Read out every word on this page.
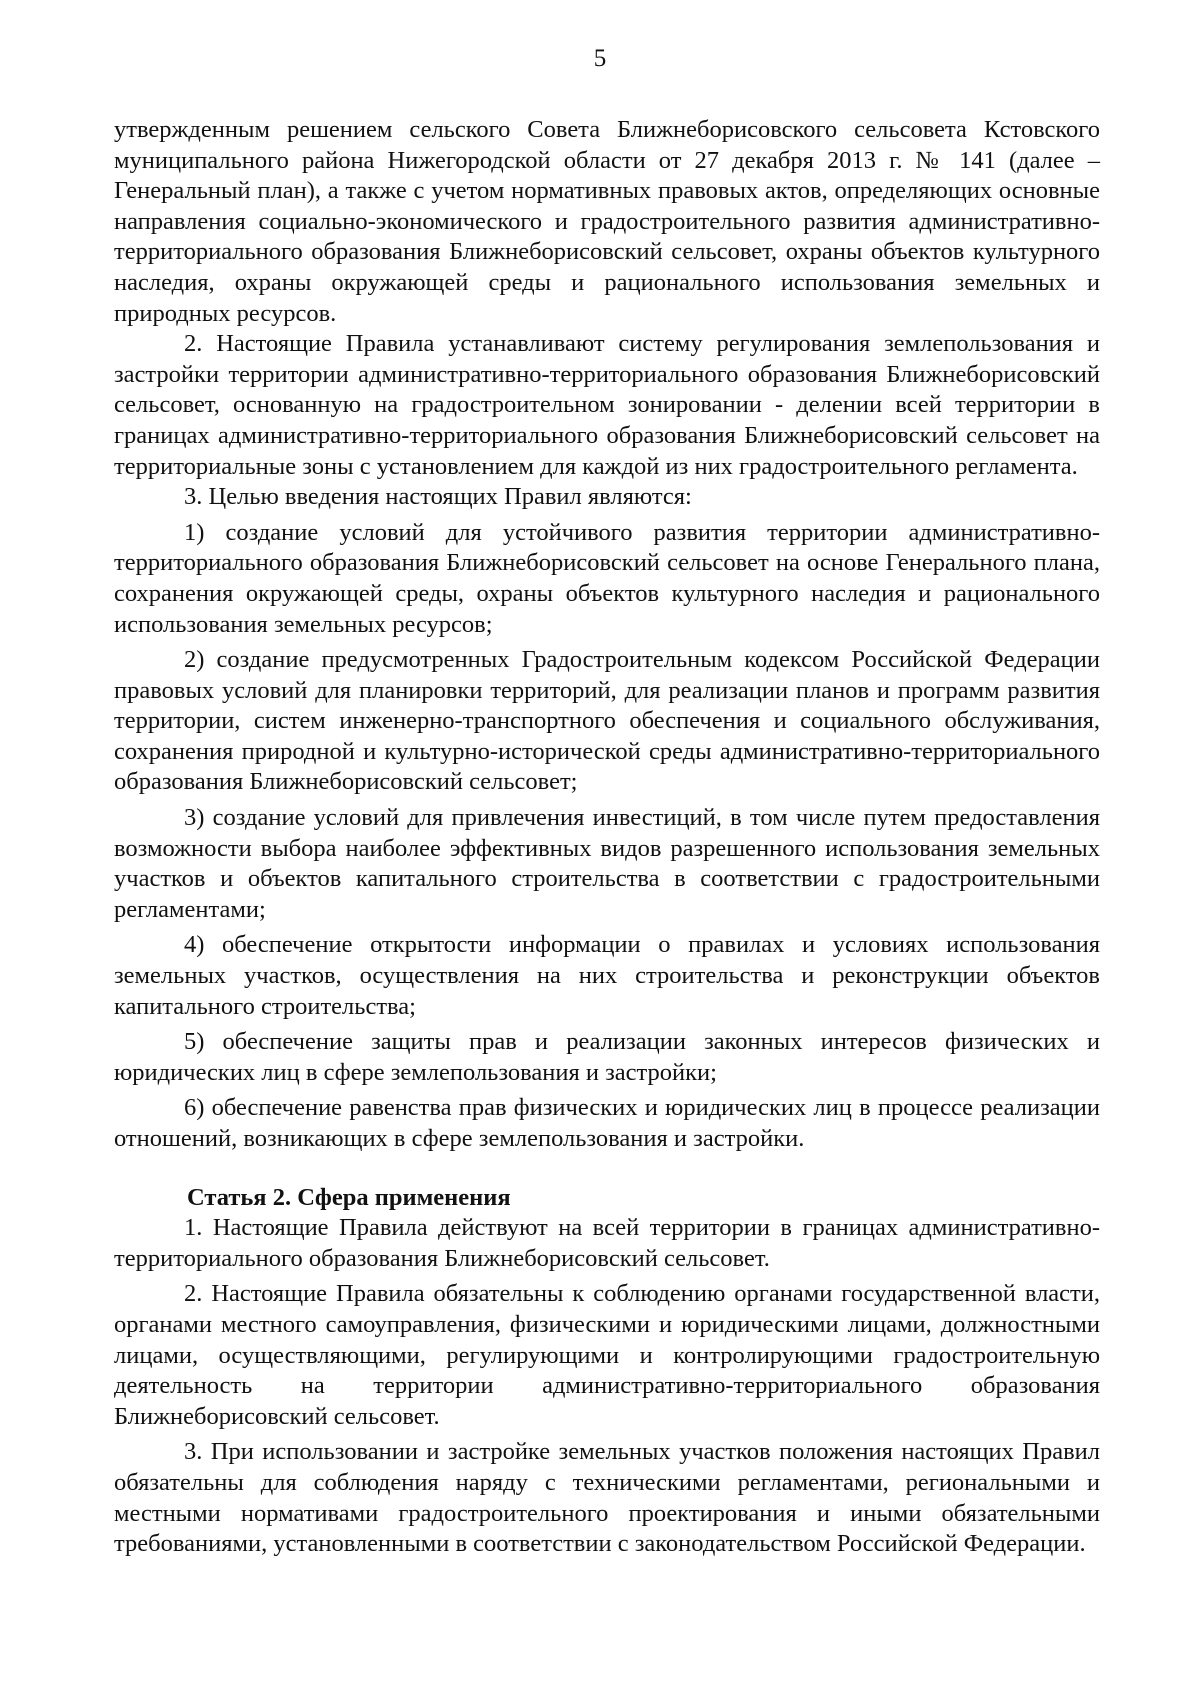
5

утвержденным решением сельского Совета Ближнеборисовского сельсовета Кстовского муниципального района Нижегородской области от 27 декабря 2013 г. № 141 (далее – Генеральный план), а также с учетом нормативных правовых актов, определяющих основные направления социально-экономического и градостроительного развития административно-территориального образования Ближнеборисовский сельсовет, охраны объектов культурного наследия, охраны окружающей среды и рационального использования земельных и природных ресурсов.

2. Настоящие Правила устанавливают систему регулирования землепользования и застройки территории административно-территориального образования Ближнеборисовский сельсовет, основанную на градостроительном зонировании - делении всей территории в границах административно-территориального образования Ближнеборисовский сельсовет на территориальные зоны с установлением для каждой из них градостроительного регламента.

3. Целью введения настоящих Правил являются:

1) создание условий для устойчивого развития территории административно-территориального образования Ближнеборисовский сельсовет на основе Генерального плана, сохранения окружающей среды, охраны объектов культурного наследия и рационального использования земельных ресурсов;

2) создание предусмотренных Градостроительным кодексом Российской Федерации правовых условий для планировки территорий, для реализации планов и программ развития территории, систем инженерно-транспортного обеспечения и социального обслуживания, сохранения природной и культурно-исторической среды административно-территориального образования Ближнеборисовский сельсовет;

3) создание условий для привлечения инвестиций, в том числе путем предоставления возможности выбора наиболее эффективных видов разрешенного использования земельных участков и объектов капитального строительства в соответствии с градостроительными регламентами;

4) обеспечение открытости информации о правилах и условиях использования земельных участков, осуществления на них строительства и реконструкции объектов капитального строительства;

5) обеспечение защиты прав и реализации законных интересов физических и юридических лиц в сфере землепользования и застройки;

6) обеспечение равенства прав физических и юридических лиц в процессе реализации отношений, возникающих в сфере землепользования и застройки.

Статья 2. Сфера применения

1. Настоящие Правила действуют на всей территории в границах административно-территориального образования Ближнеборисовский сельсовет.

2. Настоящие Правила обязательны к соблюдению органами государственной власти, органами местного самоуправления, физическими и юридическими лицами, должностными лицами, осуществляющими, регулирующими и контролирующими градостроительную деятельность на территории административно-территориального образования Ближнеборисовский сельсовет.

3. При использовании и застройке земельных участков положения настоящих Правил обязательны для соблюдения наряду с техническими регламентами, региональными и местными нормативами градостроительного проектирования и иными обязательными требованиями, установленными в соответствии с законодательством Российской Федерации.
